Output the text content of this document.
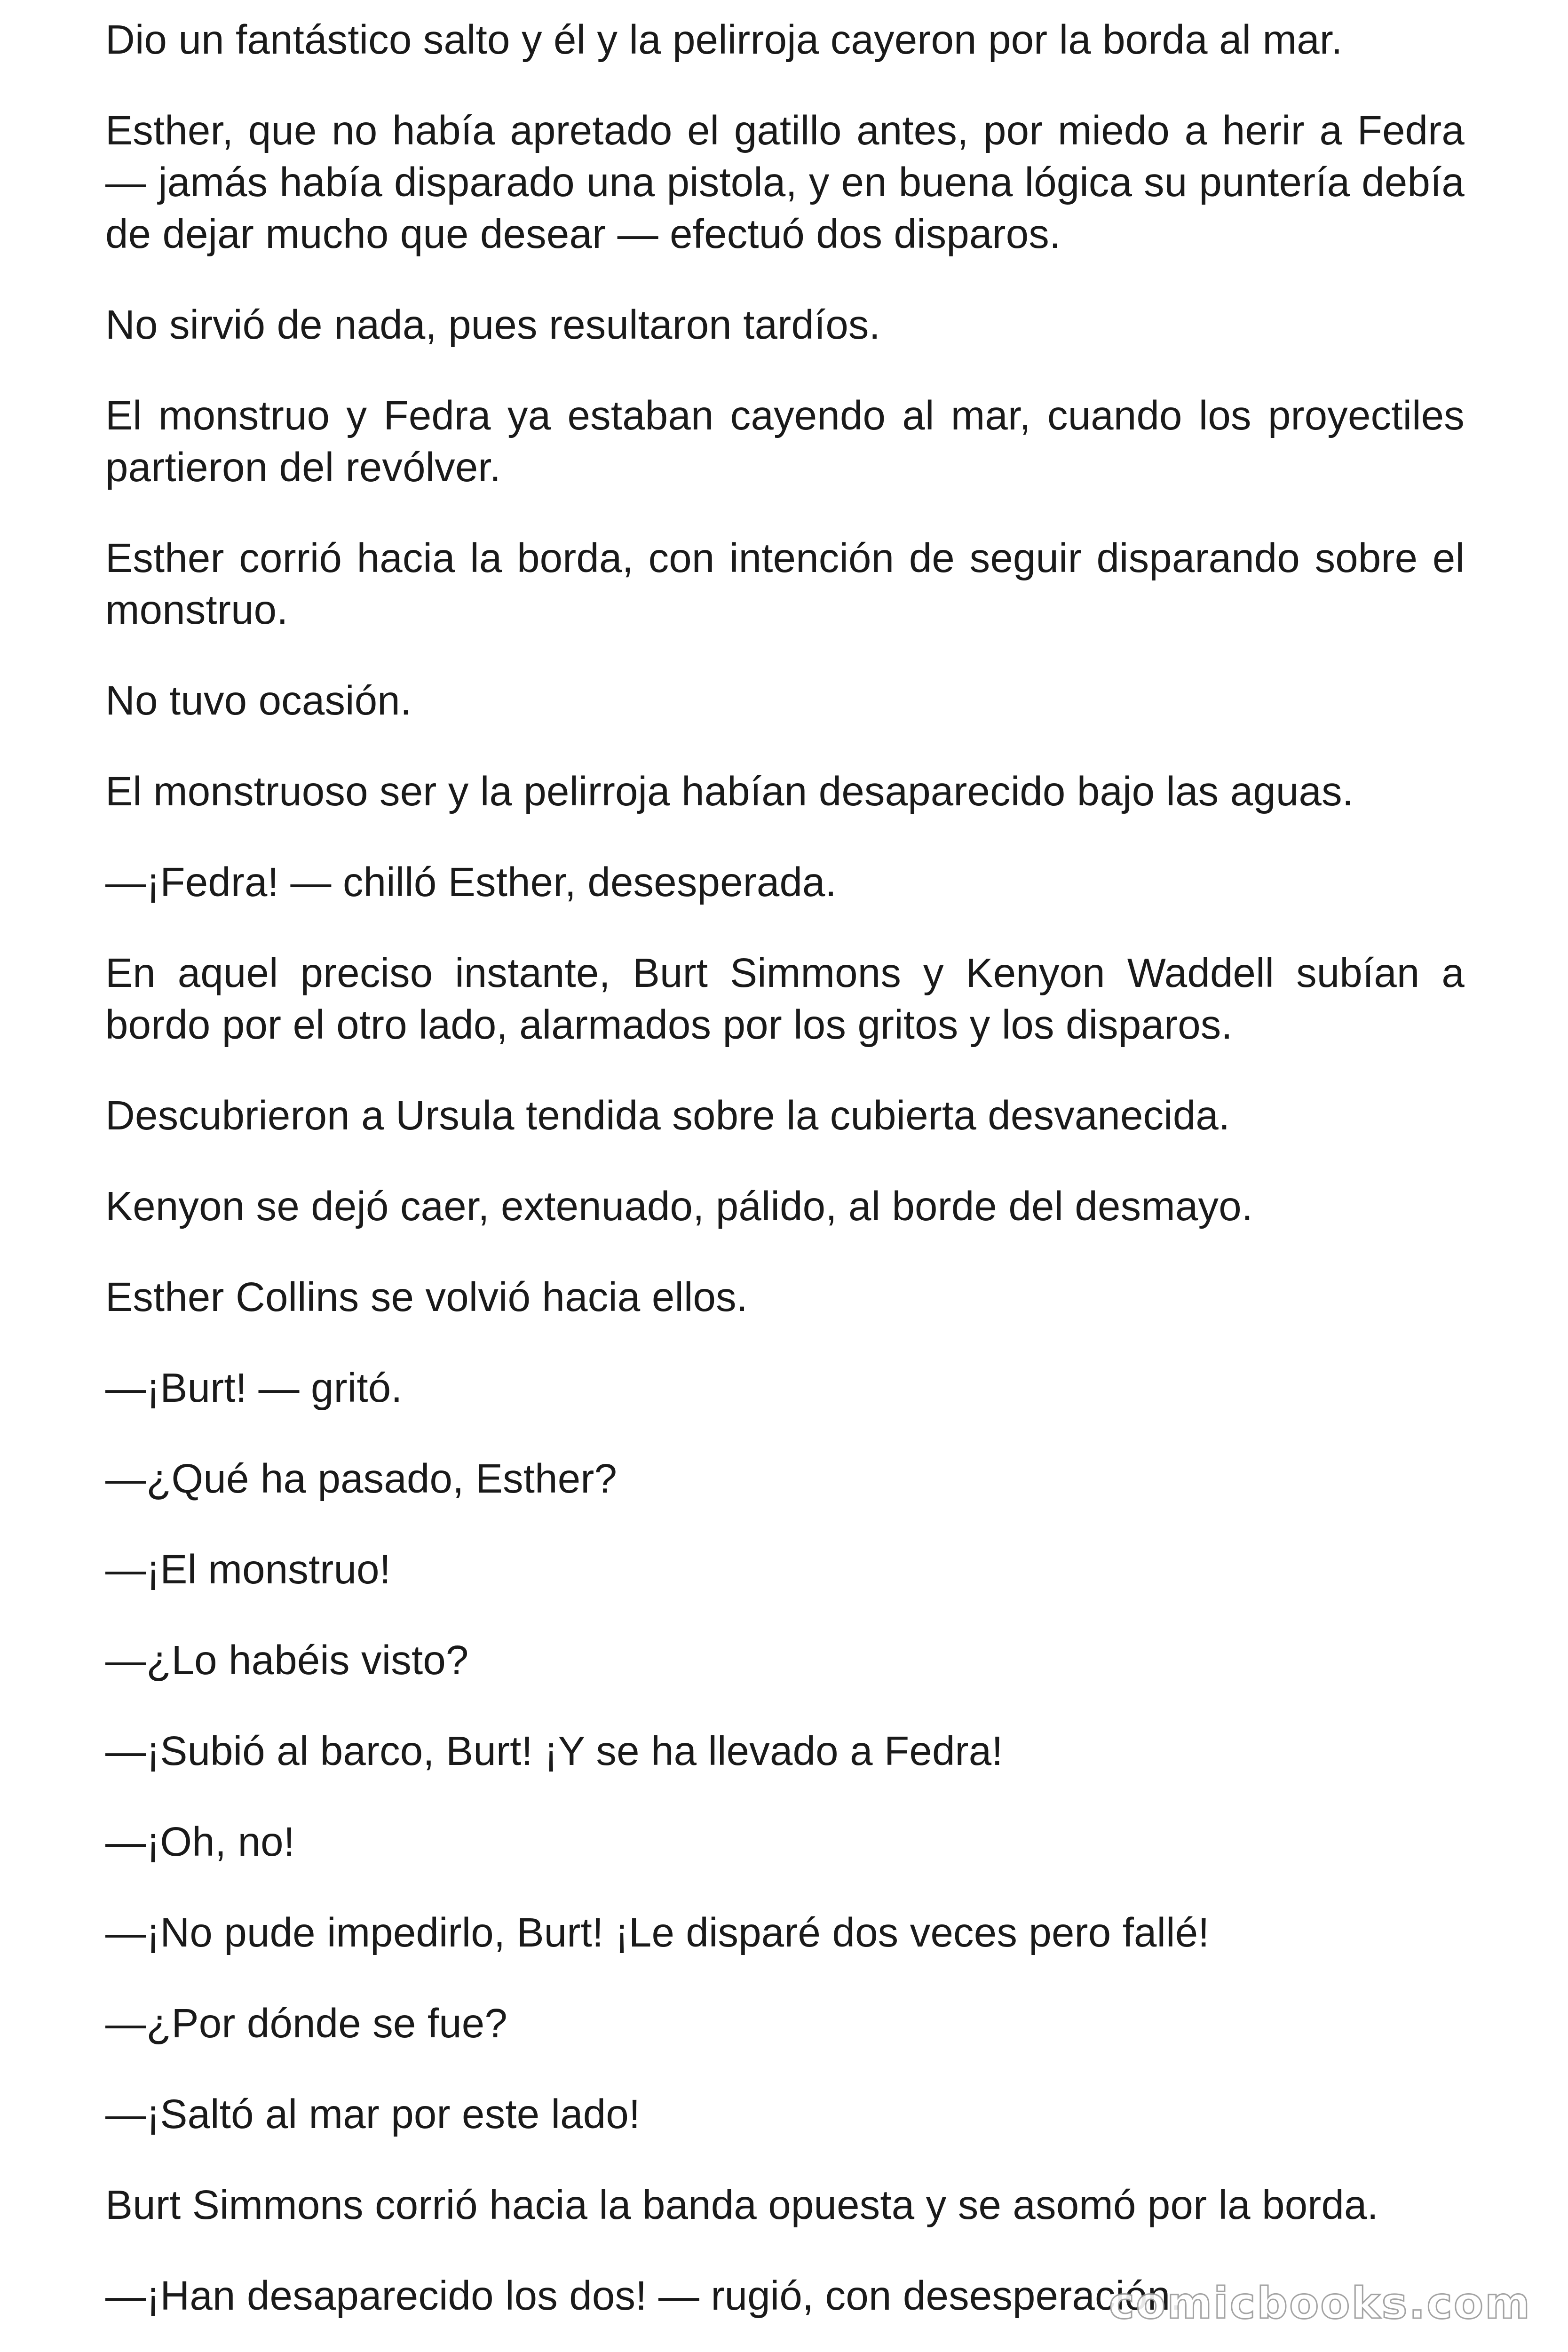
Dio un fantástico salto y él y la pelirroja cayeron por la borda al mar.

Esther, que no había apretado el gatillo antes, por miedo a herir a Fedra — jamás había disparado una pistola, y en buena lógica su puntería debía de dejar mucho que desear — efectuó dos disparos.

No sirvió de nada, pues resultaron tardíos.

El monstruo y Fedra ya estaban cayendo al mar, cuando los proyectiles partieron del revólver.

Esther corrió hacia la borda, con intención de seguir disparando sobre el monstruo.

No tuvo ocasión.

El monstruoso ser y la pelirroja habían desaparecido bajo las aguas.

—¡Fedra! — chilló Esther, desesperada.

En aquel preciso instante, Burt Simmons y Kenyon Waddell subían a bordo por el otro lado, alarmados por los gritos y los disparos.

Descubrieron a Ursula tendida sobre la cubierta desvanecida.

Kenyon se dejó caer, extenuado, pálido, al borde del desmayo.

Esther Collins se volvió hacia ellos.

—¡Burt! — gritó.

—¿Qué ha pasado, Esther?

—¡El monstruo!

—¿Lo habéis visto?

—¡Subió al barco, Burt! ¡Y se ha llevado a Fedra!

—¡Oh, no!

—¡No pude impedirlo, Burt! ¡Le disparé dos veces pero fallé!

—¿Por dónde se fue?

—¡Saltó al mar por este lado!

Burt Simmons corrió hacia la banda opuesta y se asomó por la borda.

—¡Han desaparecido los dos! — rugió, con desesperación.

comicbooks.com
